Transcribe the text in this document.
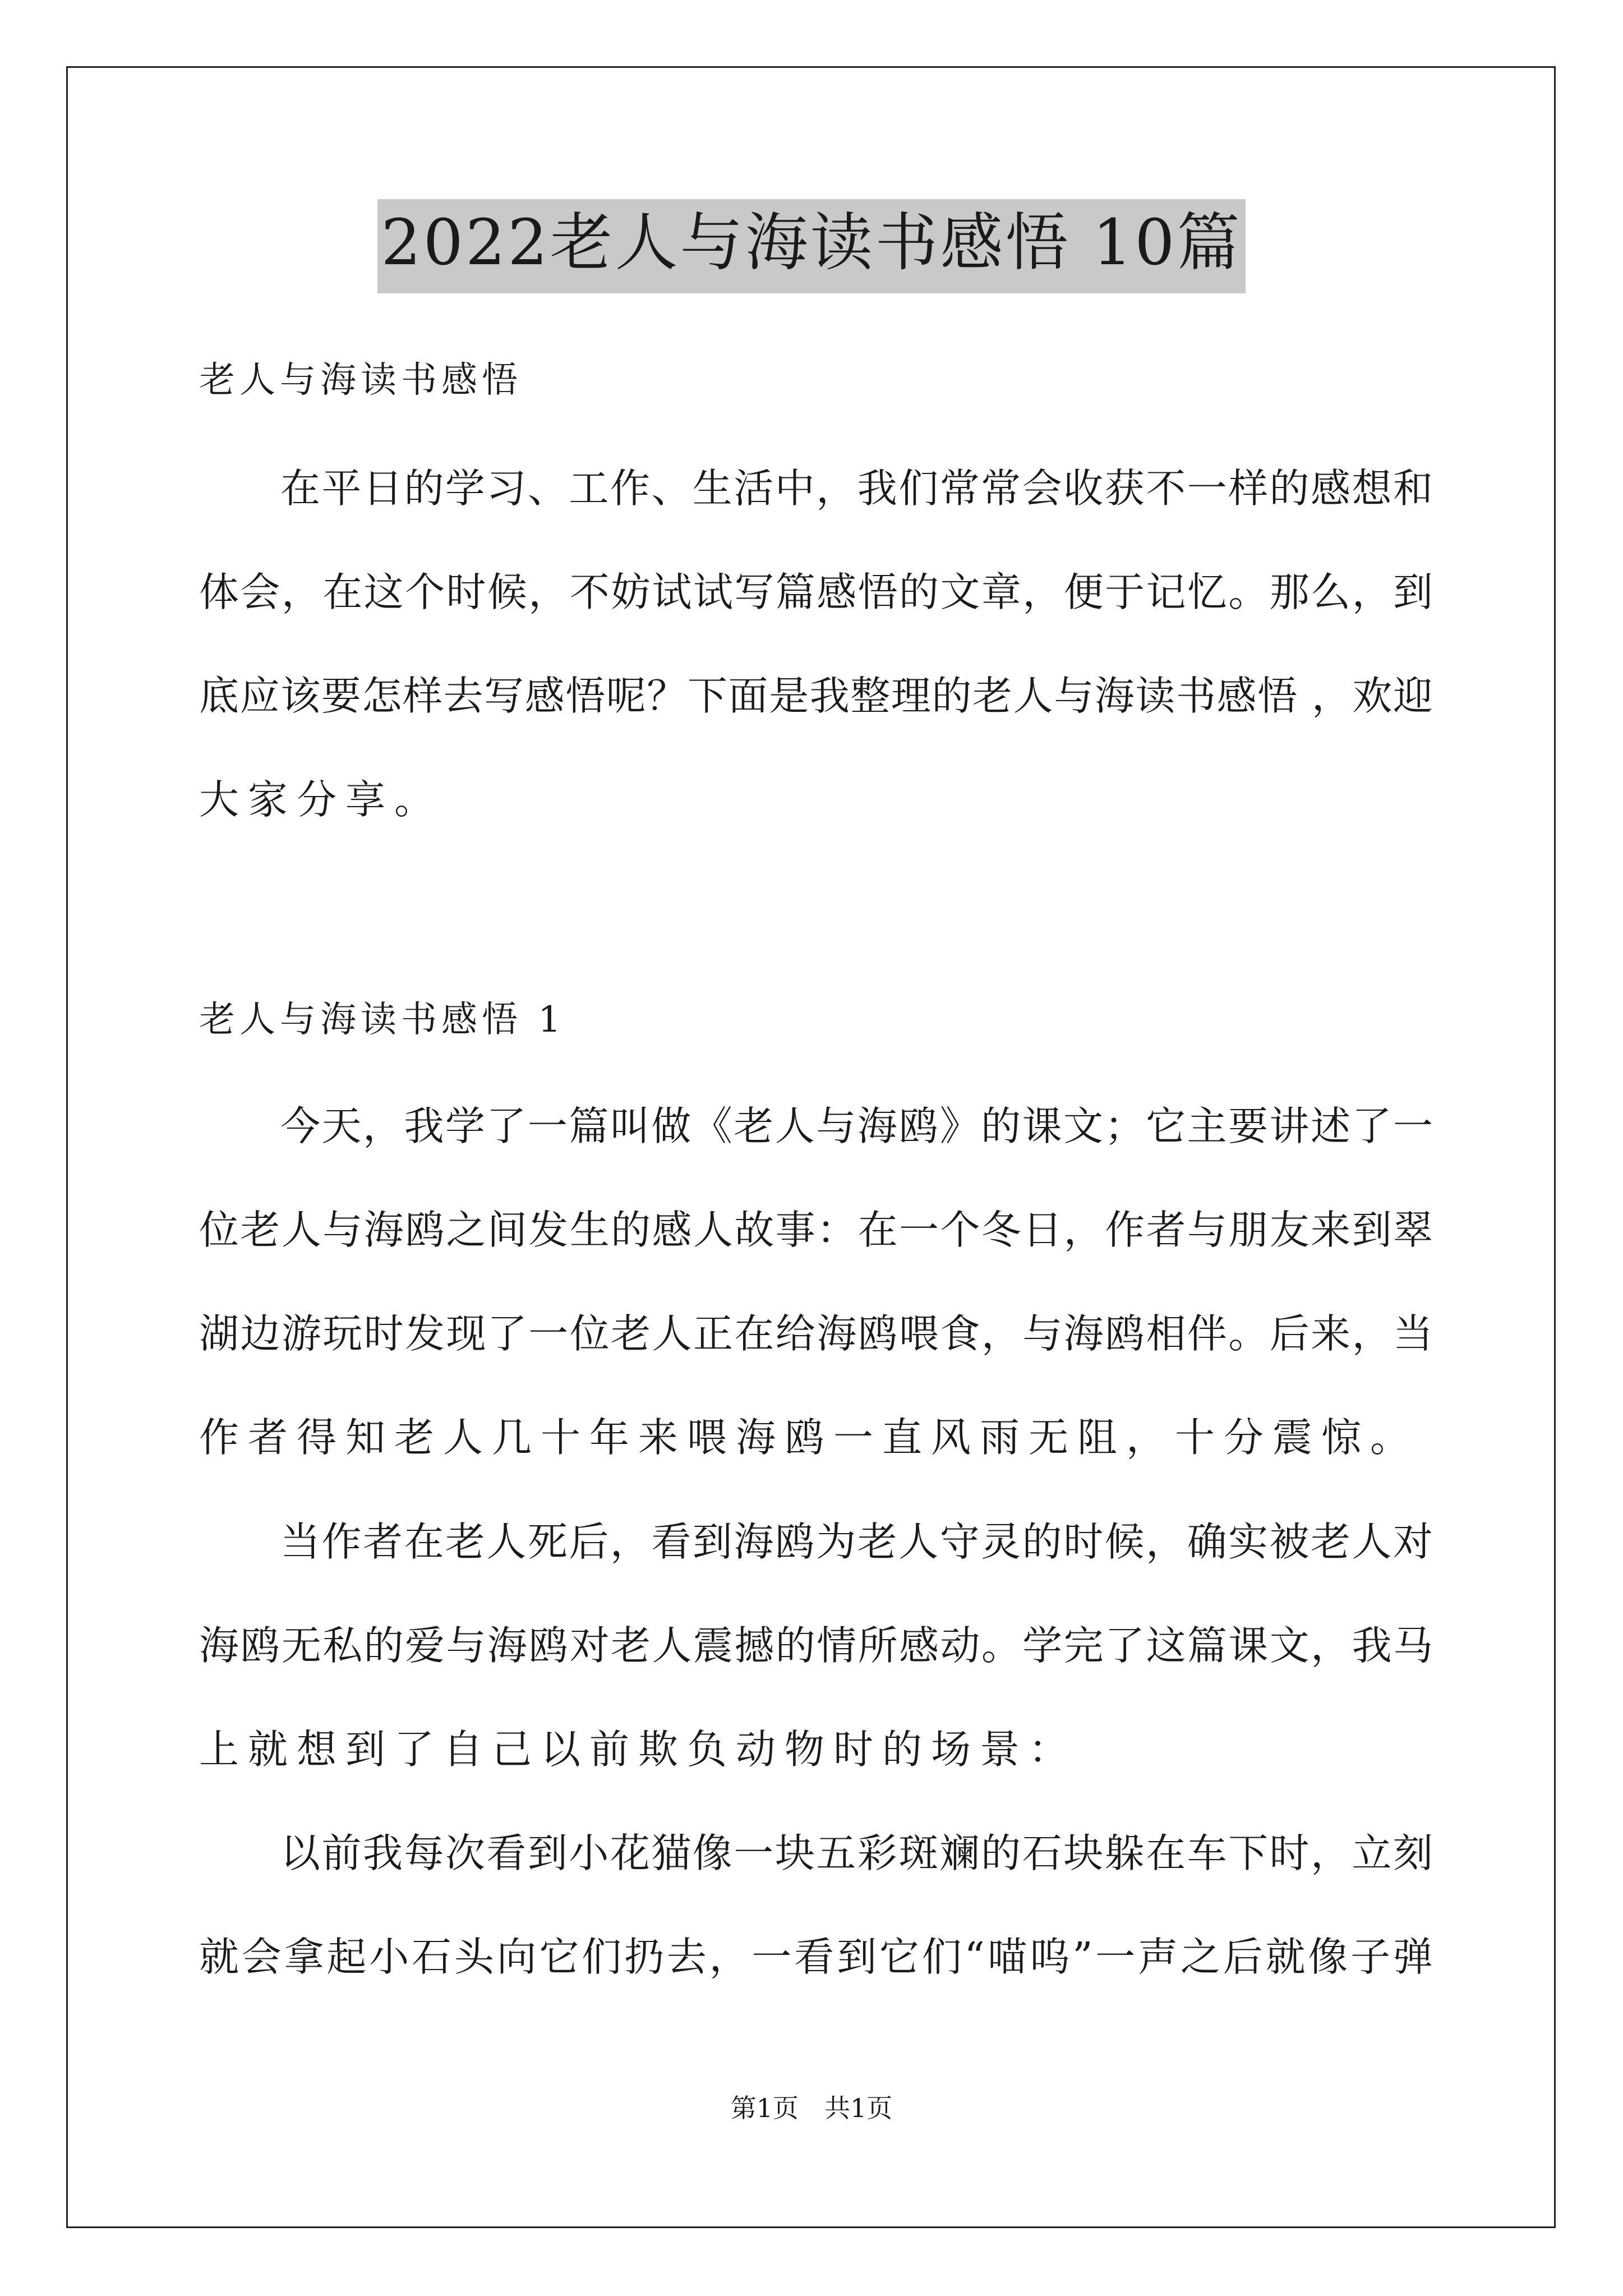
2022老人与海读书感悟 10篇
老人与海读书感悟
在平日的学习、工作、生活中，我们常常会收获不一样的感想和
体会，在这个时候，不妨试试写篇感悟的文章，便于记忆。那么，到
底应该要怎样去写感悟呢？下面是我整理的老人与海读书感悟 ，欢迎
大家分享。
老人与海读书感悟 1
今天，我学了一篇叫做《老人与海鸥》的课文；它主要讲述了一
位老人与海鸥之间发生的感人故事：在一个冬日，作者与朋友来到翠
湖边游玩时发现了一位老人正在给海鸥喂食，与海鸥相伴。后来，当
作者得知老人几十年来喂海鸥一直风雨无阻，十分震惊。
当作者在老人死后，看到海鸥为老人守灵的时候，确实被老人对
海鸥无私的爱与海鸥对老人震撼的情所感动。学完了这篇课文，我马
上就想到了自己以前欺负动物时的场景：
以前我每次看到小花猫像一块五彩斑斓的石块躲在车下时，立刻
就会拿起小石头向它们扔去，一看到它们“喵呜”一声之后就像子弹
第1页　共1页
